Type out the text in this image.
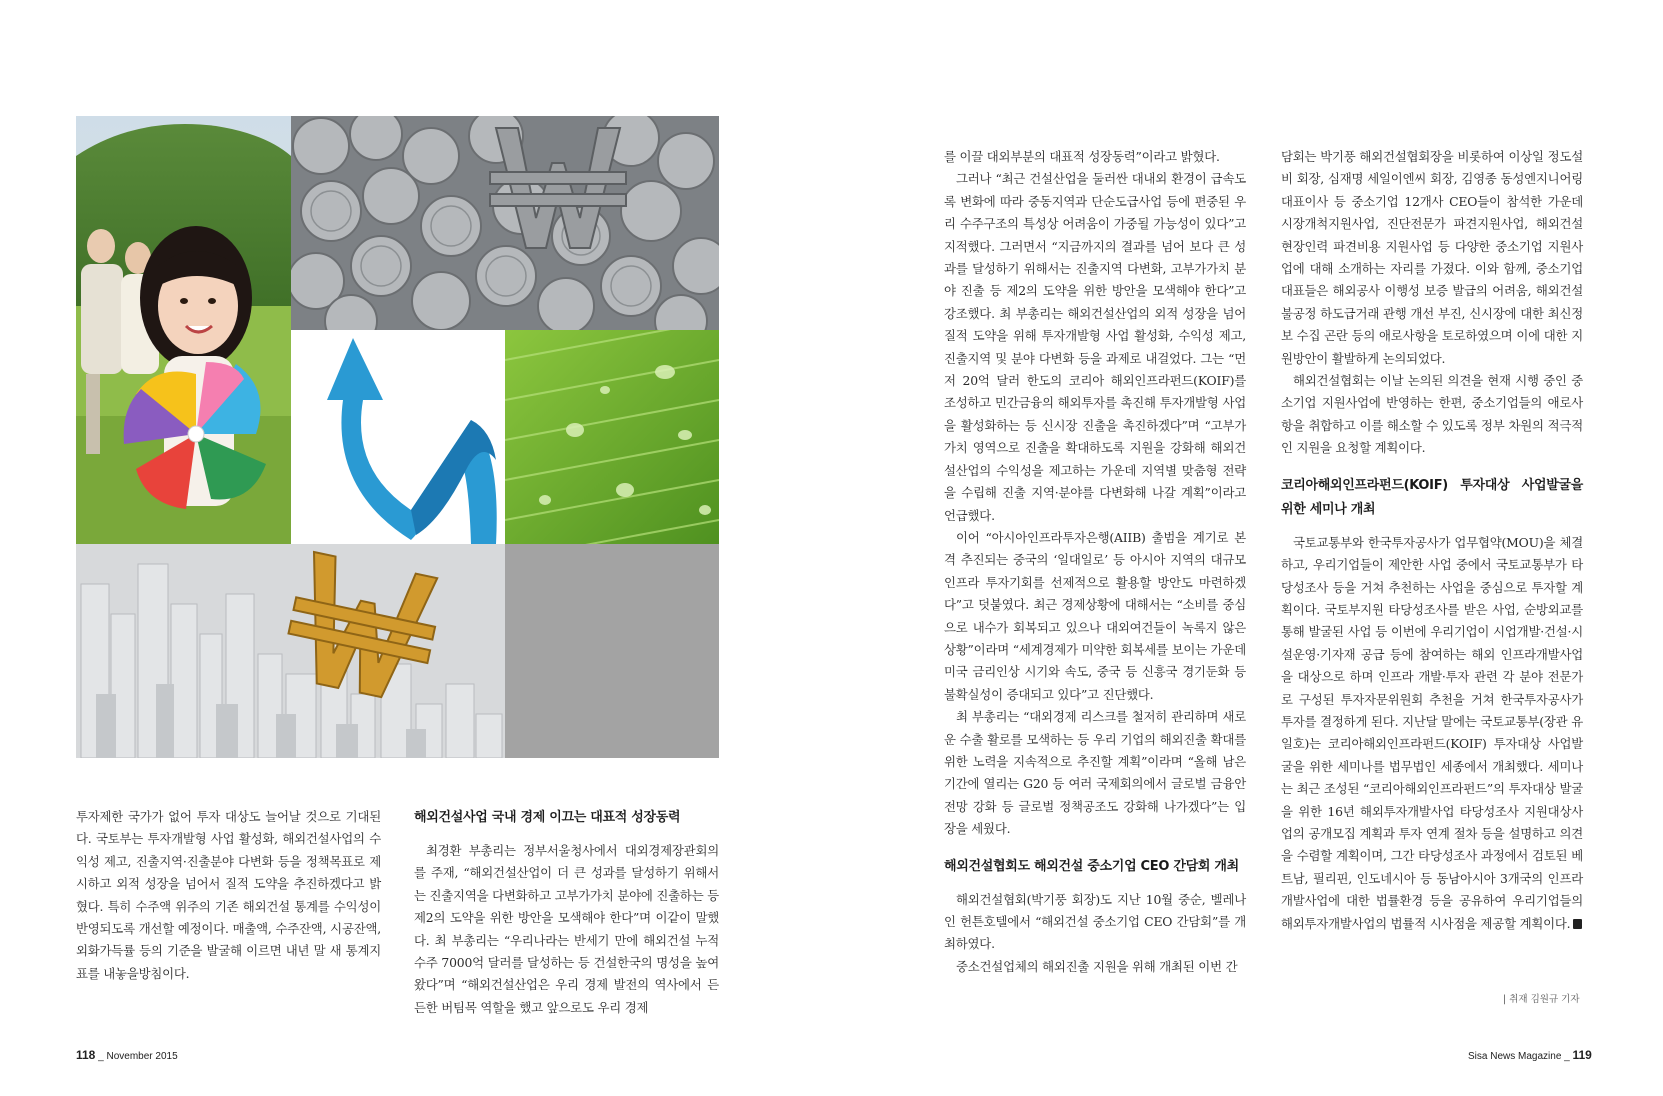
투자제한 국가가 없어 투자 대상도 늘어날 것으로 기대된다. 국토부는 투자개발형 사업 활성화, 해외건설사업의 수익성 제고, 진출지역·진출분야 다변화 등을 정책목표로 제시하고 외적 성장을 넘어서 질적 도약을 추진하겠다고 밝혔다. 특히 수주액 위주의 기존 해외건설 통계를 수익성이 반영되도록 개선할 예정이다. 매출액, 수주잔액, 시공잔액, 외화가득률 등의 기준을 발굴해 이르면 내년 말 새 통계지표를 내놓을방침이다.

해외건설사업 국내 경제 이끄는 대표적 성장동력

최경환 부총리는 정부서울청사에서 대외경제장관회의를 주재, “해외건설산업이 더 큰 성과를 달성하기 위해서는 진출지역을 다변화하고 고부가가치 분야에 진출하는 등 제2의 도약을 위한 방안을 모색해야 한다”며 이같이 말했다. 최 부총리는 “우리나라는 반세기 만에 해외건설 누적수주 7000억 달러를 달성하는 등 건설한국의 명성을 높여 왔다”며 “해외건설산업은 우리 경제 발전의 역사에서 든든한 버팀목 역할을 했고 앞으로도 우리 경제

118 _ November 2015

를 이끌 대외부분의 대표적 성장동력”이라고 밝혔다.

그러나 “최근 건설산업을 둘러싼 대내외 환경이 급속도록 변화에 따라 중동지역과 단순도급사업 등에 편중된 우리 수주구조의 특성상 어려움이 가중될 가능성이 있다”고 지적했다. 그러면서 “지금까지의 결과를 넘어 보다 큰 성과를 달성하기 위해서는 진출지역 다변화, 고부가가치 분야 진출 등 제2의 도약을 위한 방안을 모색해야 한다”고 강조했다. 최 부총리는 해외건설산업의 외적 성장을 넘어 질적 도약을 위해 투자개발형 사업 활성화, 수익성 제고, 진출지역 및 분야 다변화 등을 과제로 내걸었다. 그는 “먼저 20억 달러 한도의 코리아 해외인프라펀드(KOIF)를 조성하고 민간금융의 해외투자를 촉진해 투자개발형 사업을 활성화하는 등 신시장 진출을 촉진하겠다”며 “고부가가치 영역으로 진출을 확대하도록 지원을 강화해 해외건설산업의 수익성을 제고하는 가운데 지역별 맞춤형 전략을 수립해 진출 지역·분야를 다변화해 나갈 계획”이라고 언급했다.

이어 “아시아인프라투자은행(AIIB) 출범을 계기로 본격 추진되는 중국의 ‘일대일로’ 등 아시아 지역의 대규모 인프라 투자기회를 선제적으로 활용할 방안도 마련하겠다”고 덧붙였다. 최근 경제상황에 대해서는 “소비를 중심으로 내수가 회복되고 있으나 대외여건들이 녹록지 않은 상황”이라며 “세계경제가 미약한 회복세를 보이는 가운데 미국 금리인상 시기와 속도, 중국 등 신흥국 경기둔화 등 불확실성이 증대되고 있다”고 진단했다.

최 부총리는 “대외경제 리스크를 철저히 관리하며 새로운 수출 활로를 모색하는 등 우리 기업의 해외진출 확대를 위한 노력을 지속적으로 추진할 계획”이라며 “올해 남은 기간에 열리는 G20 등 여러 국제회의에서 글로벌 금융안전망 강화 등 글로벌 정책공조도 강화해 나가겠다”는 입장을 세웠다.

해외건설협회도 해외건설 중소기업 CEO 간담회 개최

해외건설협회(박기풍 회장)도 지난 10월 중순, 벨레나인 헌튼호텔에서 “해외건설 중소기업 CEO 간담회”를 개최하였다.

중소건설업체의 해외진출 지원을 위해 개최된 이번 간

담회는 박기풍 해외건설협회장을 비롯하여 이상일 정도설비 회장, 심재명 세일이엔씨 회장, 김영종 동성엔지니어링 대표이사 등 중소기업 12개사 CEO들이 참석한 가운데 시장개척지원사업, 진단전문가 파견지원사업, 해외건설 현장인력 파견비용 지원사업 등 다양한 중소기업 지원사업에 대해 소개하는 자리를 가졌다. 이와 함께, 중소기업 대표들은 해외공사 이행성 보증 발급의 어려움, 해외건설 불공정 하도급거래 관행 개선 부진, 신시장에 대한 최신정보 수집 곤란 등의 애로사항을 토로하였으며 이에 대한 지원방안이 활발하게 논의되었다.

해외건설협회는 이날 논의된 의견을 현재 시행 중인 중소기업 지원사업에 반영하는 한편, 중소기업들의 애로사항을 취합하고 이를 해소할 수 있도록 정부 차원의 적극적인 지원을 요청할 계획이다.

코리아해외인프라펀드(KOIF) 투자대상 사업발굴을 위한 세미나 개최

국토교통부와 한국투자공사가 업무협약(MOU)을 체결하고, 우리기업들이 제안한 사업 중에서 국토교통부가 타당성조사 등을 거쳐 추천하는 사업을 중심으로 투자할 계획이다. 국토부지원 타당성조사를 받은 사업, 순방외교를 통해 발굴된 사업 등 이번에 우리기업이 시업개발·건설·시설운영·기자재 공급 등에 참여하는 해외 인프라개발사업을 대상으로 하며 인프라 개발·투자 관련 각 분야 전문가로 구성된 투자자문위원회 추천을 거쳐 한국투자공사가 투자를 결정하게 된다. 지난달 말에는 국토교통부(장관 유일호)는 코리아해외인프라펀드(KOIF) 투자대상 사업발굴을 위한 세미나를 법무법인 세종에서 개최했다. 세미나는 최근 조성된 “코리아해외인프라펀드”의 투자대상 발굴을 위한 16년 해외투자개발사업 타당성조사 지원대상사업의 공개모집 계획과 투자 연계 절차 등을 설명하고 의견을 수렴할 계획이며, 그간 타당성조사 과정에서 검토된 베트남, 필리핀, 인도네시아 등 동남아시아 3개국의 인프라개발사업에 대한 법률환경 등을 공유하여 우리기업들의 해외투자개발사업의 법률적 시사점을 제공할 계획이다.

| 취재 김원규 기자
Sisa News Magazine _ 119
